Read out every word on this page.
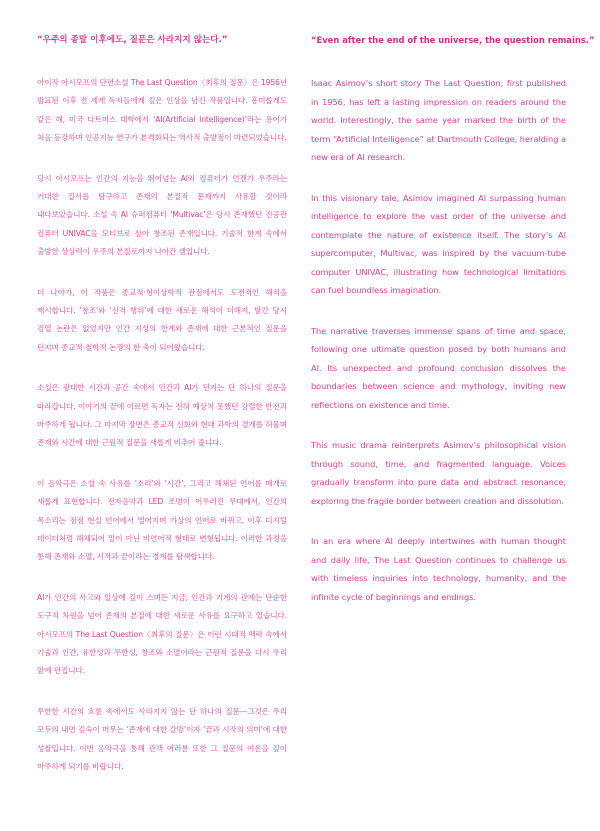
“우주의 종말 이후에도, 질문은 사라지지 않는다.”

아이작 아시모프의 단편소설 The Last Question〈최후의 질문〉은 1956년 발표된 이후 전 세계 독자들에게 깊은 인상을 남긴 작품입니다. 흥미롭게도 같은 해, 미국 다트머스 대학에서 ‘AI(Artificial Intelligence)’라는 용어가 처음 등장하며 인공지능 연구가 본격화되는 역사적 출발점이 마련되었습니다.

당시 아시모프는 인간의 지능을 뛰어넘는 AI와 컴퓨터가 언젠가 우주라는 거대한 질서를 탐구하고 존재의 본질적 문제까지 사유할 것이라 내다보았습니다. 소설 속 AI 슈퍼컴퓨터 ‘Multivac’은 당시 존재했던 진공관 컴퓨터 UNIVAC을 모티브로 삼아 창조된 존재입니다. 기술적 한계 속에서 출발한 상상력이 우주의 본질로까지 나아간 셈입니다.

더 나아가, 이 작품은 종교적·형이상학적 관점에서도 도전적인 해석을 제시합니다. ‘창조’와 ‘신적 행위’에 대한 새로운 해석이 더해져, 발간 당시 검열 논란은 없었지만 인간 지성의 한계와 존재에 대한 근본적인 질문을 던지며 종교적·철학적 논쟁의 한 축이 되어왔습니다.

소설은 광대한 시간과 공간 속에서 인간과 AI가 던지는 단 하나의 질문을 따라갑니다. 이야기의 끝에 이르면 독자는 전혀 예상치 못했던 강렬한 반전과 마주하게 됩니다. 그 마지막 장면은 종교적 신화와 현대 과학의 경계를 허물며 존재와 시간에 대한 근원적 질문을 새롭게 비추어 줍니다.

이 음악극은 소설 속 사유를 ‘소리’와 ‘시간’, 그리고 해체된 언어를 매개로 새롭게 표현합니다. 전자음악과 LED 조명이 어우러진 무대에서, 인간의 목소리는 점점 현실 언어에서 멀어지며 가상의 언어로 바뀌고, 이후 디지털 데이터처럼 해체되어 말이 아닌 비언어적 형태로 변형됩니다. 이러한 과정을 통해 존재와 소멸, 시작과 끝이라는 경계를 탐색합니다.

AI가 인간의 사고와 일상에 깊이 스며든 지금, 인간과 기계의 관계는 단순한 도구적 차원을 넘어 존재의 본질에 대한 새로운 사유를 요구하고 있습니다. 아시모프의 The Last Question〈최후의 질문〉은 이런 시대적 맥락 속에서 기술과 인간, 유한성과 무한성, 창조와 소멸이라는 근원적 질문을 다시 우리 앞에 던집니다.

무한한 시간의 흐름 속에서도 사라지지 않는 단 하나의 질문—그것은 우리 모두의 내면 깊숙이 머무는 ‘존재에 대한 갈망’이자 ‘끝과 시작의 의미’에 대한 성찰입니다. 이번 음악극을 통해 관객 여러분 또한 그 질문의 여운을 깊이 마주하게 되기를 바랍니다.

“Even after the end of the universe, the question remains.”

Isaac Asimov’s short story The Last Question, first published in 1956, has left a lasting impression on readers around the world. Interestingly, the same year marked the birth of the term “Artificial Intelligence” at Dartmouth College, heralding a new era of AI research.

In this visionary tale, Asimov imagined AI surpassing human intelligence to explore the vast order of the universe and contemplate the nature of existence itself. The story’s AI supercomputer, Multivac, was inspired by the vacuum-tube computer UNIVAC, illustrating how technological limitations can fuel boundless imagination.

The narrative traverses immense spans of time and space, following one ultimate question posed by both humans and AI. Its unexpected and profound conclusion dissolves the boundaries between science and mythology, inviting new reflections on existence and time.

This music drama reinterprets Asimov’s philosophical vision through sound, time, and fragmented language. Voices gradually transform into pure data and abstract resonance, exploring the fragile border between creation and dissolution.

In an era where AI deeply intertwines with human thought and daily life, The Last Question continues to challenge us with timeless inquiries into technology, humanity, and the infinite cycle of beginnings and endings.
